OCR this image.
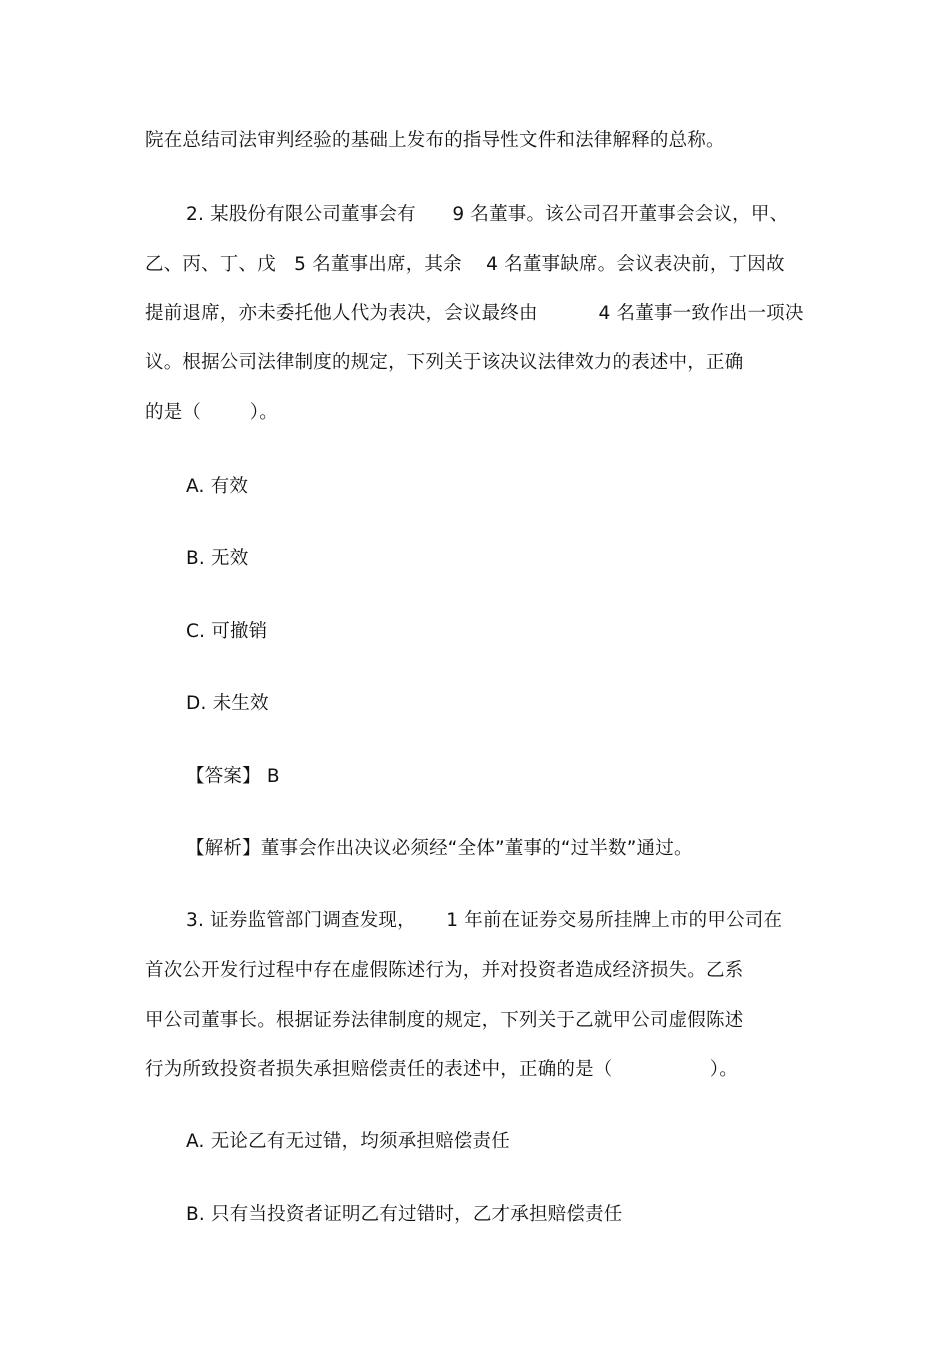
院在总结司法审判经验的基础上发布的指导性文件和法律解释的总称。
2. 某股份有限公司董事会有      9 名董事。该公司召开董事会会议，甲、
乙、丙、丁、戊   5 名董事出席，其余    4 名董事缺席。会议表决前，丁因故
提前退席，亦未委托他人代为表决，会议最终由          4 名董事一致作出一项决
议。根据公司法律制度的规定，下列关于该决议法律效力的表述中，正确
的是（        ）。
A. 有效
B. 无效
C. 可撤销
D. 未生效
【答案】 B
【解析】董事会作出决议必须经“全体”董事的“过半数”通过。
3. 证券监管部门调查发现，     1 年前在证券交易所挂牌上市的甲公司在
首次公开发行过程中存在虚假陈述行为，并对投资者造成经济损失。乙系
甲公司董事长。根据证券法律制度的规定，下列关于乙就甲公司虚假陈述
行为所致投资者损失承担赔偿责任的表述中，正确的是（                ）。
A. 无论乙有无过错，均须承担赔偿责任
B. 只有当投资者证明乙有过错时，乙才承担赔偿责任
